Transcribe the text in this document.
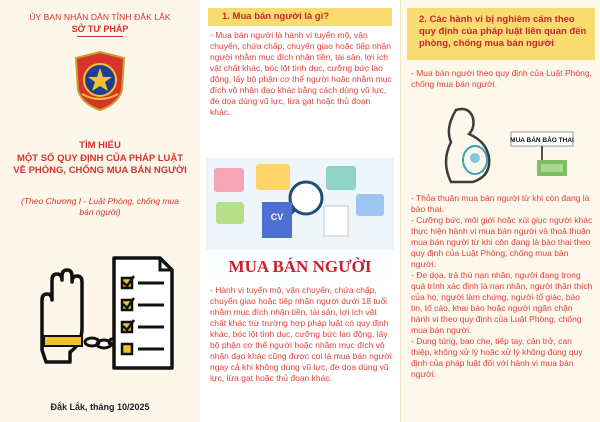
ỦY BAN NHÂN DÂN TỈNH ĐẮK LẮK
SỞ TƯ PHÁP
TÌM HIỂU
MỘT SỐ QUY ĐỊNH CỦA PHÁP LUẬT
VỀ PHÒNG, CHỐNG MUA BÁN NGƯỜI
(Theo Chương I - Luật Phòng, chống mua bán người)
Đắk Lắk, tháng 10/2025
1. Mua bán người là gì?

- Mua bán người là hành vi tuyển mộ, vận chuyển, chứa chấp, chuyển giao hoặc tiếp nhận người nhằm mục đích nhận tiền, tài sản, lợi ích vật chất khác, bóc lột tình dục, cưỡng bức lao động, lấy bộ phận cơ thể người hoặc nhằm mục đích vô nhân đạo khác bằng cách dùng vũ lực, đe dọa dùng vũ lực, lừa gạt hoặc thủ đoạn khác.

CV
MUA BÁN NGƯỜI

- Hành vi tuyển mộ, vận chuyển, chứa chấp, chuyển giao hoặc tiếp nhận người dưới 18 tuổi nhằm mục đích nhận tiền, tài sản, lợi ích vật chất khác trừ trường hợp pháp luật có quy định khác, bóc lột tình dục, cưỡng bức lao động, lấy bộ phận cơ thể người hoặc nhằm mục đích vô nhân đạo khác cũng được coi là mua bán người ngay cả khi không dùng vũ lực, đe dọa dùng vũ lực, lừa gạt hoặc thủ đoạn khác.

2. Các hành vi bị nghiêm cấm theo quy định của pháp luật liên quan đến phòng, chống mua bán người

- Mua bán người theo quy định của Luật Phòng, chống mua bán người.

MUA BÁN BÀO THAI

- Thỏa thuận mua bán người từ khi còn đang là bào thai.

- Cưỡng bức, môi giới hoặc xúi giục người khác thực hiện hành vi mua bán người và thoả thuận mua bán người từ khi còn đang là bào thai theo quy định của Luật Phòng, chống mua bán người.

- Đe dọa, trả thù nạn nhân, người đang trong quá trình xác định là nạn nhân, người thân thích của họ, người làm chứng, người tố giác, báo tin, tố cáo, khai báo hoặc người ngăn chặn hành vi theo quy định của Luật Phòng, chống mua bán người.

- Dung túng, bao che, tiếp tay, cản trở, can thiệp, không xử lý hoặc xử lý không đúng quy định của pháp luật đối với hành vi mua bán người.
